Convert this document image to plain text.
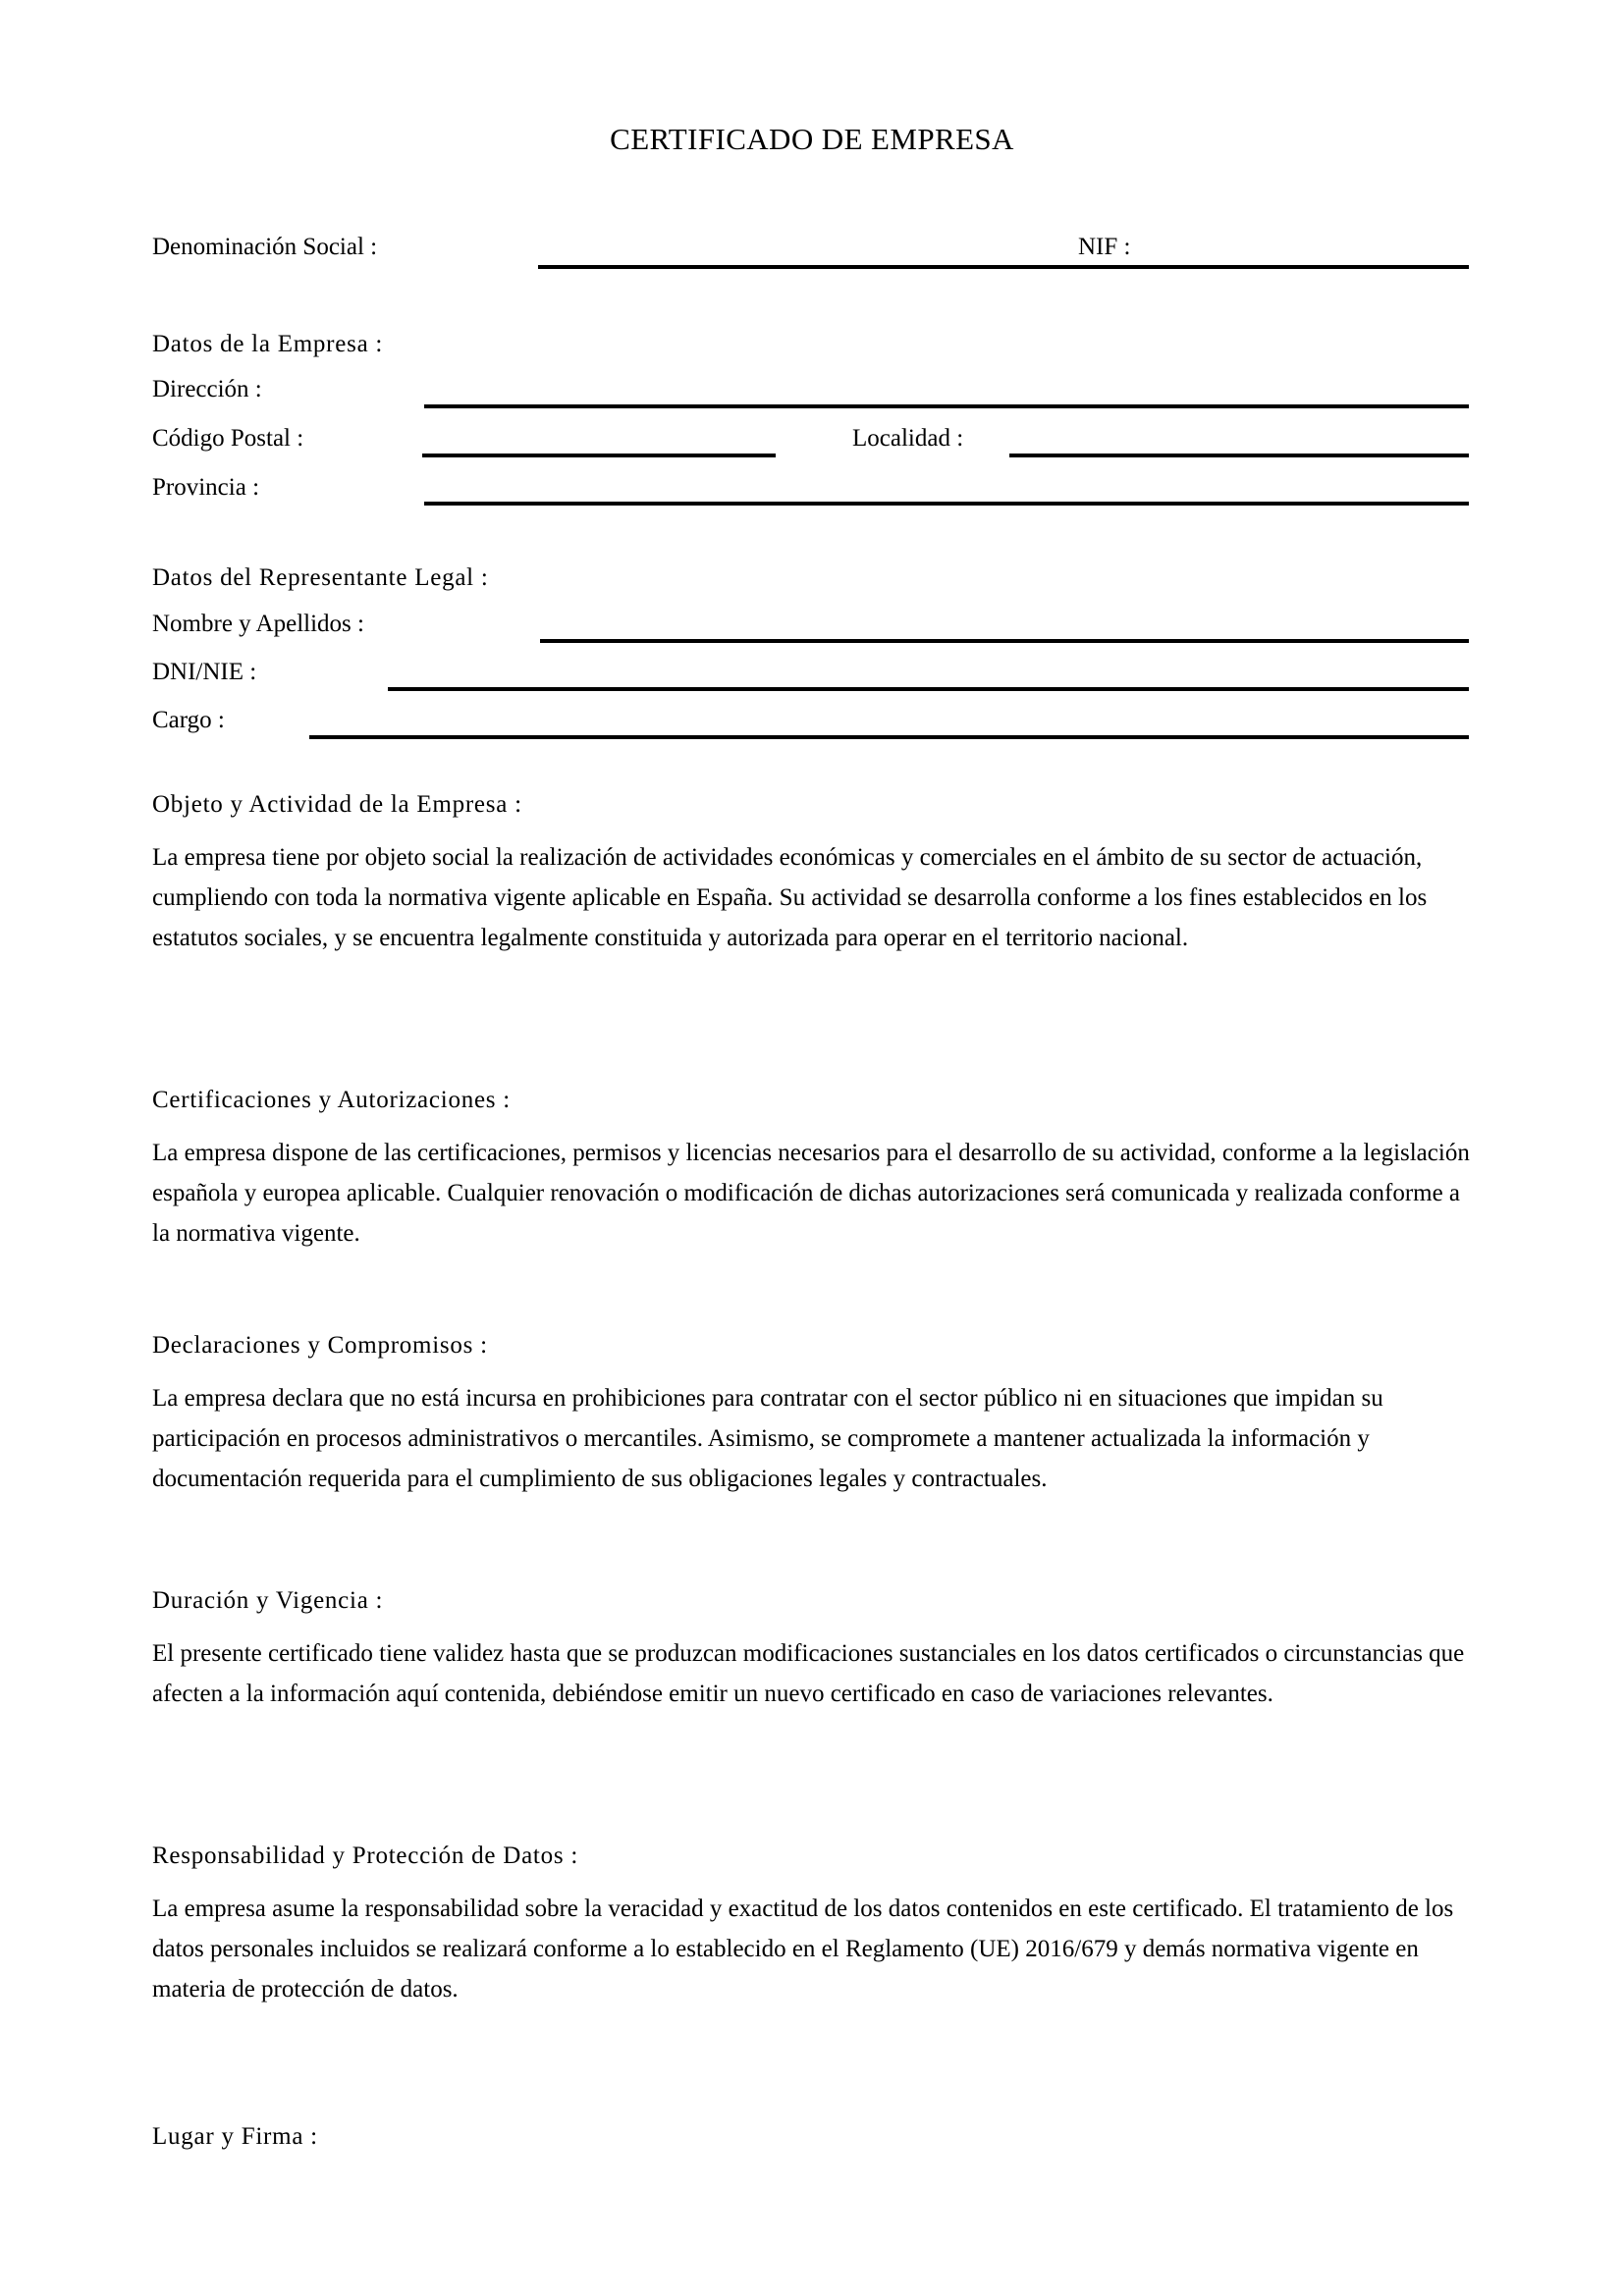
CERTIFICADO DE EMPRESA
Denominación Social :	NIF :
Datos de la Empresa :
Dirección :
Código Postal :	Localidad :
Provincia :
Datos del Representante Legal :
Nombre y Apellidos :
DNI/NIE :
Cargo :
Objeto y Actividad de la Empresa :
La empresa tiene por objeto social la realización de actividades económicas y comerciales en el ámbito de su sector de actuación, cumpliendo con toda la normativa vigente aplicable en España. Su actividad se desarrolla conforme a los fines establecidos en los estatutos sociales, y se encuentra legalmente constituida y autorizada para operar en el territorio nacional.
Certificaciones y Autorizaciones :
La empresa dispone de las certificaciones, permisos y licencias necesarios para el desarrollo de su actividad, conforme a la legislación española y europea aplicable. Cualquier renovación o modificación de dichas autorizaciones será comunicada y realizada conforme a la normativa vigente.
Declaraciones y Compromisos :
La empresa declara que no está incursa en prohibiciones para contratar con el sector público ni en situaciones que impidan su participación en procesos administrativos o mercantiles. Asimismo, se compromete a mantener actualizada la información y documentación requerida para el cumplimiento de sus obligaciones legales y contractuales.
Duración y Vigencia :
El presente certificado tiene validez hasta que se produzcan modificaciones sustanciales en los datos certificados o circunstancias que afecten a la información aquí contenida, debiéndose emitir un nuevo certificado en caso de variaciones relevantes.
Responsabilidad y Protección de Datos :
La empresa asume la responsabilidad sobre la veracidad y exactitud de los datos contenidos en este certificado. El tratamiento de los datos personales incluidos se realizará conforme a lo establecido en el Reglamento (UE) 2016/679 y demás normativa vigente en materia de protección de datos.
Lugar y Firma :
